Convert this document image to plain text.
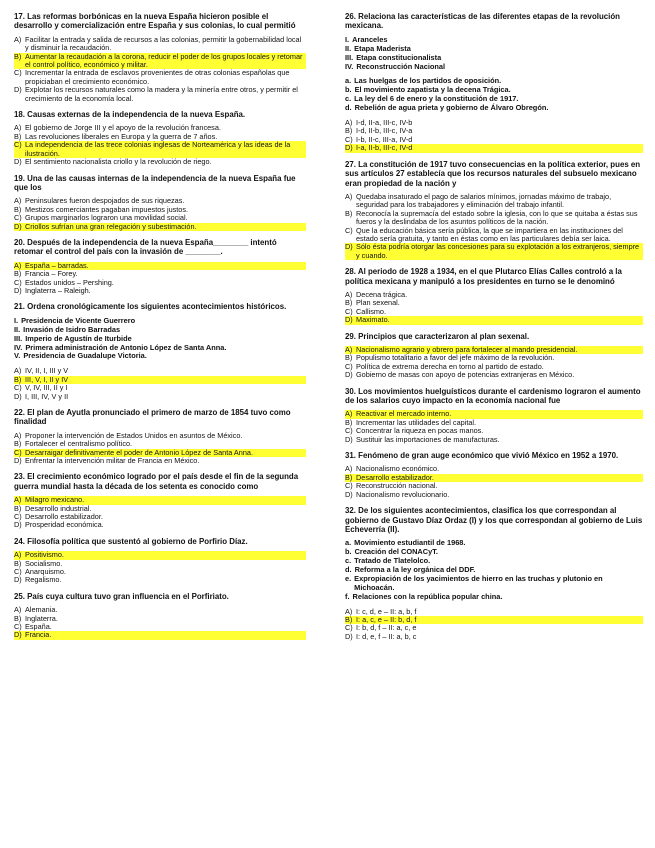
17. Las reformas borbónicas en la nueva España hicieron posible el desarrollo y comercialización entre España y sus colonias, lo cual permitió
A) Facilitar la entrada y salida de recursos a las colonias, permitir la gobernabilidad local y disminuir la recaudación.
B) Aumentar la recaudación a la corona, reducir el poder de los grupos locales y retomar el control político, económico y militar.
C) Incrementar la entrada de esclavos provenientes de otras colonias españolas que propiciaban el crecimiento económico.
D) Explotar los recursos naturales como la madera y la minería entre otros, y permitir el crecimiento de la economía local.
18. Causas externas de la independencia de la nueva España.
A) El gobierno de Jorge III y el apoyo de la revolución francesa.
B) Las revoluciones liberales en Europa y la guerra de 7 años.
C) La independencia de las trece colonias inglesas de Norteamérica y las ideas de la ilustración.
D) El sentimiento nacionalista criollo y la revolución de riego.
19. Una de las causas internas de la independencia de la nueva España fue que los
A) Peninsulares fueron despojados de sus riquezas.
B) Mestizos comerciantes pagaban impuestos justos.
C) Grupos marginarlos lograron una movilidad social.
D) Criollos sufrían una gran relegación y subestimación.
20. Después de la independencia de la nueva España________ intentó retomar el control del país con la invasión de ________.
A) España – barradas.
B) Francia – Forey.
C) Estados unidos – Pershing.
D) Inglaterra – Raleigh.
21. Ordena cronológicamente los siguientes acontecimientos históricos.
I. Presidencia de Vicente Guerrero
II. Invasión de Isidro Barradas
III. Imperio de Agustín de Iturbide
IV. Primera administración de Antonio López de Santa Anna.
V. Presidencia de Guadalupe Victoria.
A) IV, II, I, III y V
B) III, V, I, II y IV
C) V, IV, III, II y I
D) I, III, IV, V y II
22. El plan de Ayutla pronunciado el primero de marzo de 1854 tuvo como finalidad
A) Proponer la intervención de Estados Unidos en asuntos de México.
B) Fortalecer el centralismo político.
C) Desarraigar definitivamente el poder de Antonio López de Santa Anna.
D) Enfrentar la intervención militar de Francia en México.
23. El crecimiento económico logrado por el país desde el fin de la segunda guerra mundial hasta la década de los setenta es conocido como
A) Milagro mexicano.
B) Desarrollo industrial.
C) Desarrollo estabilizador.
D) Prosperidad económica.
24. Filosofía política que sustentó al gobierno de Porfirio Díaz.
A) Positivismo.
B) Socialismo.
C) Anarquismo.
D) Regalismo.
25. País cuya cultura tuvo gran influencia en el Porfiriato.
A) Alemania.
B) Inglaterra.
C) España.
D) Francia.
26. Relaciona las características de las diferentes etapas de la revolución mexicana.
I. Aranceles
II. Etapa Maderista
III. Etapa constitucionalista
IV. Reconstrucción Nacional
a. Las huelgas de los partidos de oposición.
b. El movimiento zapatista y la decena Trágica.
c. La ley del 6 de enero y la constitución de 1917.
d. Rebelión de agua prieta y gobierno de Álvaro Obregón.
A) I-d, II-a, III-c, IV-b
B) I-d, II-b, III-c, IV-a
C) I-b, II-c, III-a, IV-d
D) I-a, II-b, III-c, IV-d
27. La constitución de 1917 tuvo consecuencias en la política exterior, pues en sus artículos 27 establecía que los recursos naturales del subsuelo mexicano eran propiedad de la nación y
A) Quedaba insaturado el pago de salarios mínimos, jornadas máximo de trabajo, seguridad para los trabajadores y eliminación del trabajo infantil.
B) Reconocía la supremacía del estado sobre la iglesia, con lo que se quitaba a éstas sus fueros y la deslindaba de los asuntos políticos de la nación.
C) Que la educación básica sería pública, la que se impartiera en las instituciones del estado sería gratuita, y tanto en éstas como en las particulares debía ser laica.
D) Sólo ésta podría otorgar las concesiones para su explotación a los extranjeros, siempre y cuando.
28. Al periodo de 1928 a 1934, en el que Plutarco Elías Calles controló a la política mexicana y manipuló a los presidentes en turno se le denominó
A) Decena trágica.
B) Plan sexenal.
C) Callismo.
D) Maximato.
29. Principios que caracterizaron al plan sexenal.
A) Nacionalismo agrario y obrero para fortalecer al mando presidencial.
B) Populismo totalitario a favor del jefe máximo de la revolución.
C) Política de extrema derecha en torno al partido de estado.
D) Gobierno de masas con apoyo de potencias extranjeras en México.
30. Los movimientos huelguísticos durante el cardenismo lograron el aumento de los salarios cuyo impacto en la economía nacional fue
A) Reactivar el mercado interno.
B) Incrementar las utilidades del capital.
C) Concentrar la riqueza en pocas manos.
D) Sustituir las importaciones de manufacturas.
31. Fenómeno de gran auge económico que vivió México en 1952 a 1970.
A) Nacionalismo económico.
B) Desarrollo estabilizador.
C) Reconstrucción nacional.
D) Nacionalismo revolucionario.
32. De los siguientes acontecimientos, clasifica los que correspondan al gobierno de Gustavo Díaz Ordaz (I) y los que correspondan al gobierno de Luis Echeverría (II).
a. Movimiento estudiantil de 1968.
b. Creación del CONACyT.
c. Tratado de Tlatelolco.
d. Reforma a la ley orgánica del DDF.
e. Expropiación de los yacimientos de hierro en las truchas y plutonio en Michoacán.
f. Relaciones con la república popular china.
A) I: c, d, e – II: a, b, f
B) I: a, c, e – II: b, d, f
C) I: b, d, f – II: a, c, e
D) I: d, e, f – II: a, b, c
